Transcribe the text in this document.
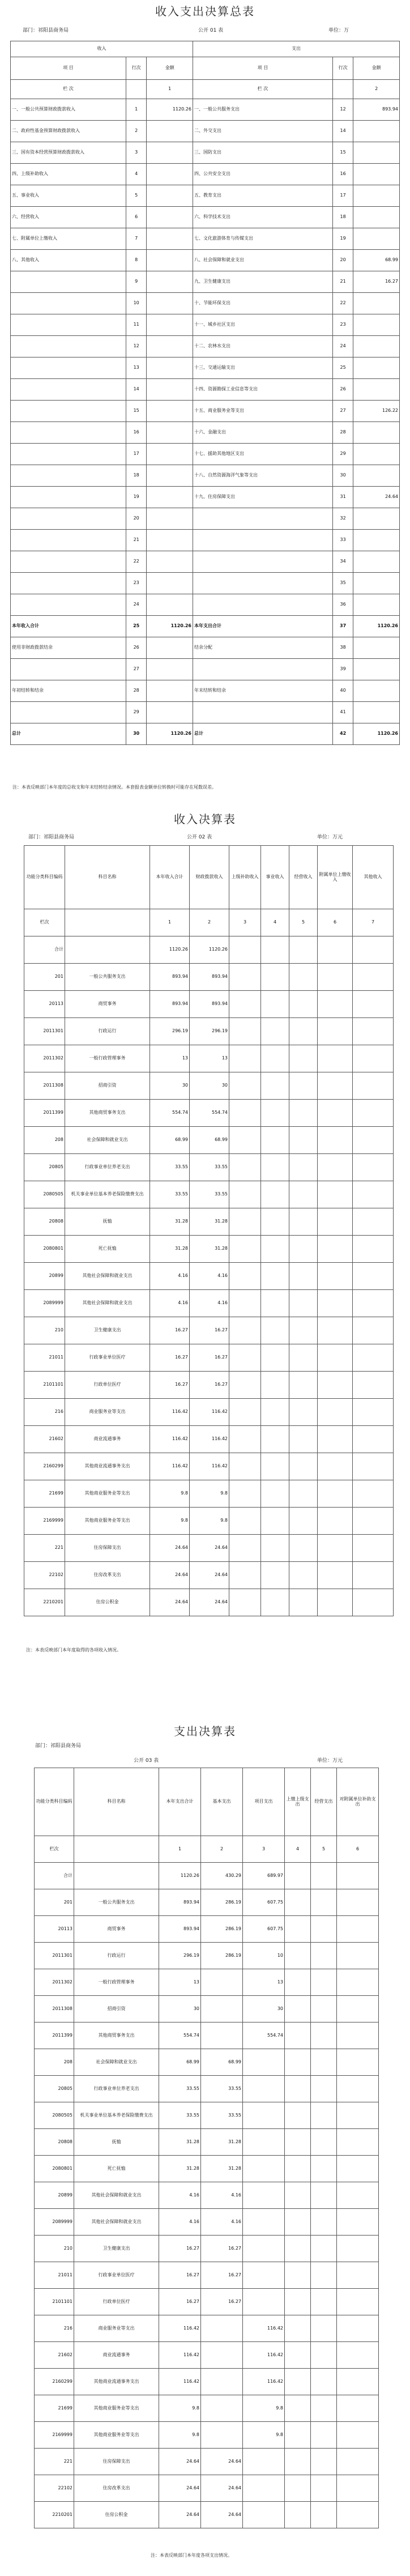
收入支出决算总表
部门：祁阳县商务局	公开 01 表	单位：万
收入			支出		
项 目	行次	金额	项 目	行次	金额
栏 次		1	栏 次		2
一、一般公共预算财政拨款收入	1	1120.26	一、一般公共服务支出	12	893.94
二、政府性基金预算财政拨款收入	2		二、外交支出	14	
三、国有资本经营预算财政拨款收入	3		三、国防支出	15	
四、上级补助收入	4		四、公共安全支出	16	
五、事业收入	5		五、教育支出	17	
六、经营收入	6		六、科学技术支出	18	
七、附属单位上缴收入	7		七、文化旅游体育与传媒支出	19	
八、其他收入	8		八、社会保障和就业支出	20	68.99
	9		九、卫生健康支出	21	16.27
	10		十、节能环保支出	22	
	11		十一、城乡社区支出	23	
	12		十二、农林水支出	24	
	13		十三、交通运输支出	25	
	14		十四、资源勘探工业信息等支出	26	
	15		十五、商业服务业等支出	27	126.22
	16		十六、金融支出	28	
	17		十七、援助其他地区支出	29	
	18		十八、自然资源海洋气象等支出	30	
	19		十九、住房保障支出	31	24.64
	20			32	
	21			33	
	22			34	
	23			35	
	24			36	
本年收入合计	25	1120.26	本年支出合计	37	1120.26
使用非财政拨款结余	26		结余分配	38	
	27			39	
年初结转和结余	28		年末结转和结余	40	
	29			41	
总计	30	1120.26	总计	42	1120.26
注：本表反映部门本年度的总收支和年末结转结余情况。本套报表金额单位转换时可能存在尾数误差。
收入决算表
部门：祁阳县商务局	公开 02 表	单位：万元
功能分类科目编码	科目名称	本年收入合计	财政拨款收入	上级补助收入	事业收入	经营收入	附属单位上缴收入	其他收入
栏次		1	2	3	4	5	6	7
合计		1120.26	1120.26					
201	一般公共服务支出	893.94	893.94					
20113	商贸事务	893.94	893.94					
2011301	行政运行	296.19	296.19					
2011302	一般行政管理事务	13	13					
2011308	招商引资	30	30					
2011399	其他商贸事务支出	554.74	554.74					
208	社会保障和就业支出	68.99	68.99					
20805	行政事业单位养老支出	33.55	33.55					
2080505	机关事业单位基本养老保险缴费支出	33.55	33.55					
20808	抚恤	31.28	31.28					
2080801	死亡抚恤	31.28	31.28					
20899	其他社会保障和就业支出	4.16	4.16					
2089999	其他社会保障和就业支出	4.16	4.16					
210	卫生健康支出	16.27	16.27					
21011	行政事业单位医疗	16.27	16.27					
2101101	行政单位医疗	16.27	16.27					
216	商业服务业等支出	116.42	116.42					
21602	商业流通事务	116.42	116.42					
2160299	其他商业流通事务支出	116.42	116.42					
21699	其他商业服务业等支出	9.8	9.8					
2169999	其他商业服务业等支出	9.8	9.8					
221	住房保障支出	24.64	24.64					
22102	住房改革支出	24.64	24.64					
2210201	住房公积金	24.64	24.64					
注：本表反映部门本年度取得的各项收入情况。
支出决算表
部门：祁阳县商务局
公开 03 表	单位：万元
功能分类科目编码	科目名称	本年支出合计	基本支出	项目支出	上缴上级支出	经营支出	对附属单位补助支出
栏次		1	2	3	4	5	6
合计		1120.26	430.29	689.97			
201	一般公共服务支出	893.94	286.19	607.75			
20113	商贸事务	893.94	286.19	607.75			
2011301	行政运行	296.19	286.19	10			
2011302	一般行政管理事务	13		13			
2011308	招商引资	30		30			
2011399	其他商贸事务支出	554.74		554.74			
208	社会保障和就业支出	68.99	68.99				
20805	行政事业单位养老支出	33.55	33.55				
2080505	机关事业单位基本养老保险缴费支出	33.55	33.55				
20808	抚恤	31.28	31.28				
2080801	死亡抚恤	31.28	31.28				
20899	其他社会保障和就业支出	4.16	4.16				
2089999	其他社会保障和就业支出	4.16	4.16				
210	卫生健康支出	16.27	16.27				
21011	行政事业单位医疗	16.27	16.27				
2101101	行政单位医疗	16.27	16.27				
216	商业服务业等支出	116.42		116.42			
21602	商业流通事务	116.42		116.42			
2160299	其他商业流通事务支出	116.42		116.42			
21699	其他商业服务业等支出	9.8		9.8			
2169999	其他商业服务业等支出	9.8		9.8			
221	住房保障支出	24.64	24.64				
22102	住房改革支出	24.64	24.64				
2210201	住房公积金	24.64	24.64				
注：本表反映部门本年度各项支出情况。
